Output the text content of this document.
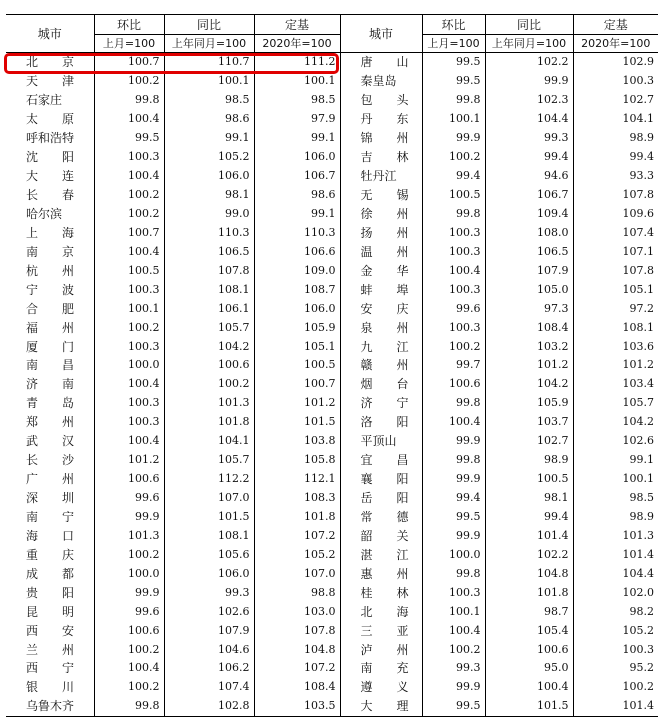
城市	环比	同比	定基	城市	环比	同比	定基
	上月=100	上年同月=100	2020年=100		上月=100	上年同月=100	2020年=100
北　　京	100.7	110.7	111.2	唐　　山	99.5	102.2	102.9
天　　津	100.2	100.1	100.1	秦皇岛	99.5	99.9	100.3
石家庄	99.8	98.5	98.5	包　　头	99.8	102.3	102.7
太　　原	100.4	98.6	97.9	丹　　东	100.1	104.4	104.1
呼和浩特	99.5	99.1	99.1	锦　　州	99.9	99.3	98.9
沈　　阳	100.3	105.2	106.0	吉　　林	100.2	99.4	99.4
大　　连	100.4	106.0	106.7	牡丹江	99.4	94.6	93.3
长　　春	100.2	98.1	98.6	无　　锡	100.5	106.7	107.8
哈尔滨	100.2	99.0	99.1	徐　　州	99.8	109.4	109.6
上　　海	100.7	110.3	110.3	扬　　州	100.3	108.0	107.4
南　　京	100.4	106.5	106.6	温　　州	100.3	106.5	107.1
杭　　州	100.5	107.8	109.0	金　　华	100.4	107.9	107.8
宁　　波	100.3	108.1	108.7	蚌　　埠	100.3	105.0	105.1
合　　肥	100.1	106.1	106.0	安　　庆	99.6	97.3	97.2
福　　州	100.2	105.7	105.9	泉　　州	100.3	108.4	108.1
厦　　门	100.3	104.2	105.1	九　　江	100.2	103.2	103.6
南　　昌	100.0	100.6	100.5	赣　　州	99.7	101.2	101.2
济　　南	100.4	100.2	100.7	烟　　台	100.6	104.2	103.4
青　　岛	100.3	101.3	101.2	济　　宁	99.8	105.9	105.7
郑　　州	100.3	101.8	101.5	洛　　阳	100.4	103.7	104.2
武　　汉	100.4	104.1	103.8	平顶山	99.9	102.7	102.6
长　　沙	101.2	105.7	105.8	宜　　昌	99.8	98.9	99.1
广　　州	100.6	112.2	112.1	襄　　阳	99.9	100.5	100.1
深　　圳	99.6	107.0	108.3	岳　　阳	99.4	98.1	98.5
南　　宁	99.9	101.5	101.8	常　　德	99.5	99.4	98.9
海　　口	101.3	108.1	107.2	韶　　关	99.9	101.4	101.3
重　　庆	100.2	105.6	105.2	湛　　江	100.0	102.2	101.4
成　　都	100.0	106.0	107.0	惠　　州	99.8	104.8	104.4
贵　　阳	99.9	99.3	98.8	桂　　林	100.3	101.8	102.0
昆　　明	99.6	102.6	103.0	北　　海	100.1	98.7	98.2
西　　安	100.6	107.9	107.8	三　　亚	100.4	105.4	105.2
兰　　州	100.2	104.6	104.8	泸　　州	100.2	100.6	100.3
西　　宁	100.4	106.2	107.2	南　　充	99.3	95.0	95.2
银　　川	100.2	107.4	108.4	遵　　义	99.9	100.4	100.2
乌鲁木齐	99.8	102.8	103.5	大　　理	99.5	101.5	101.4
